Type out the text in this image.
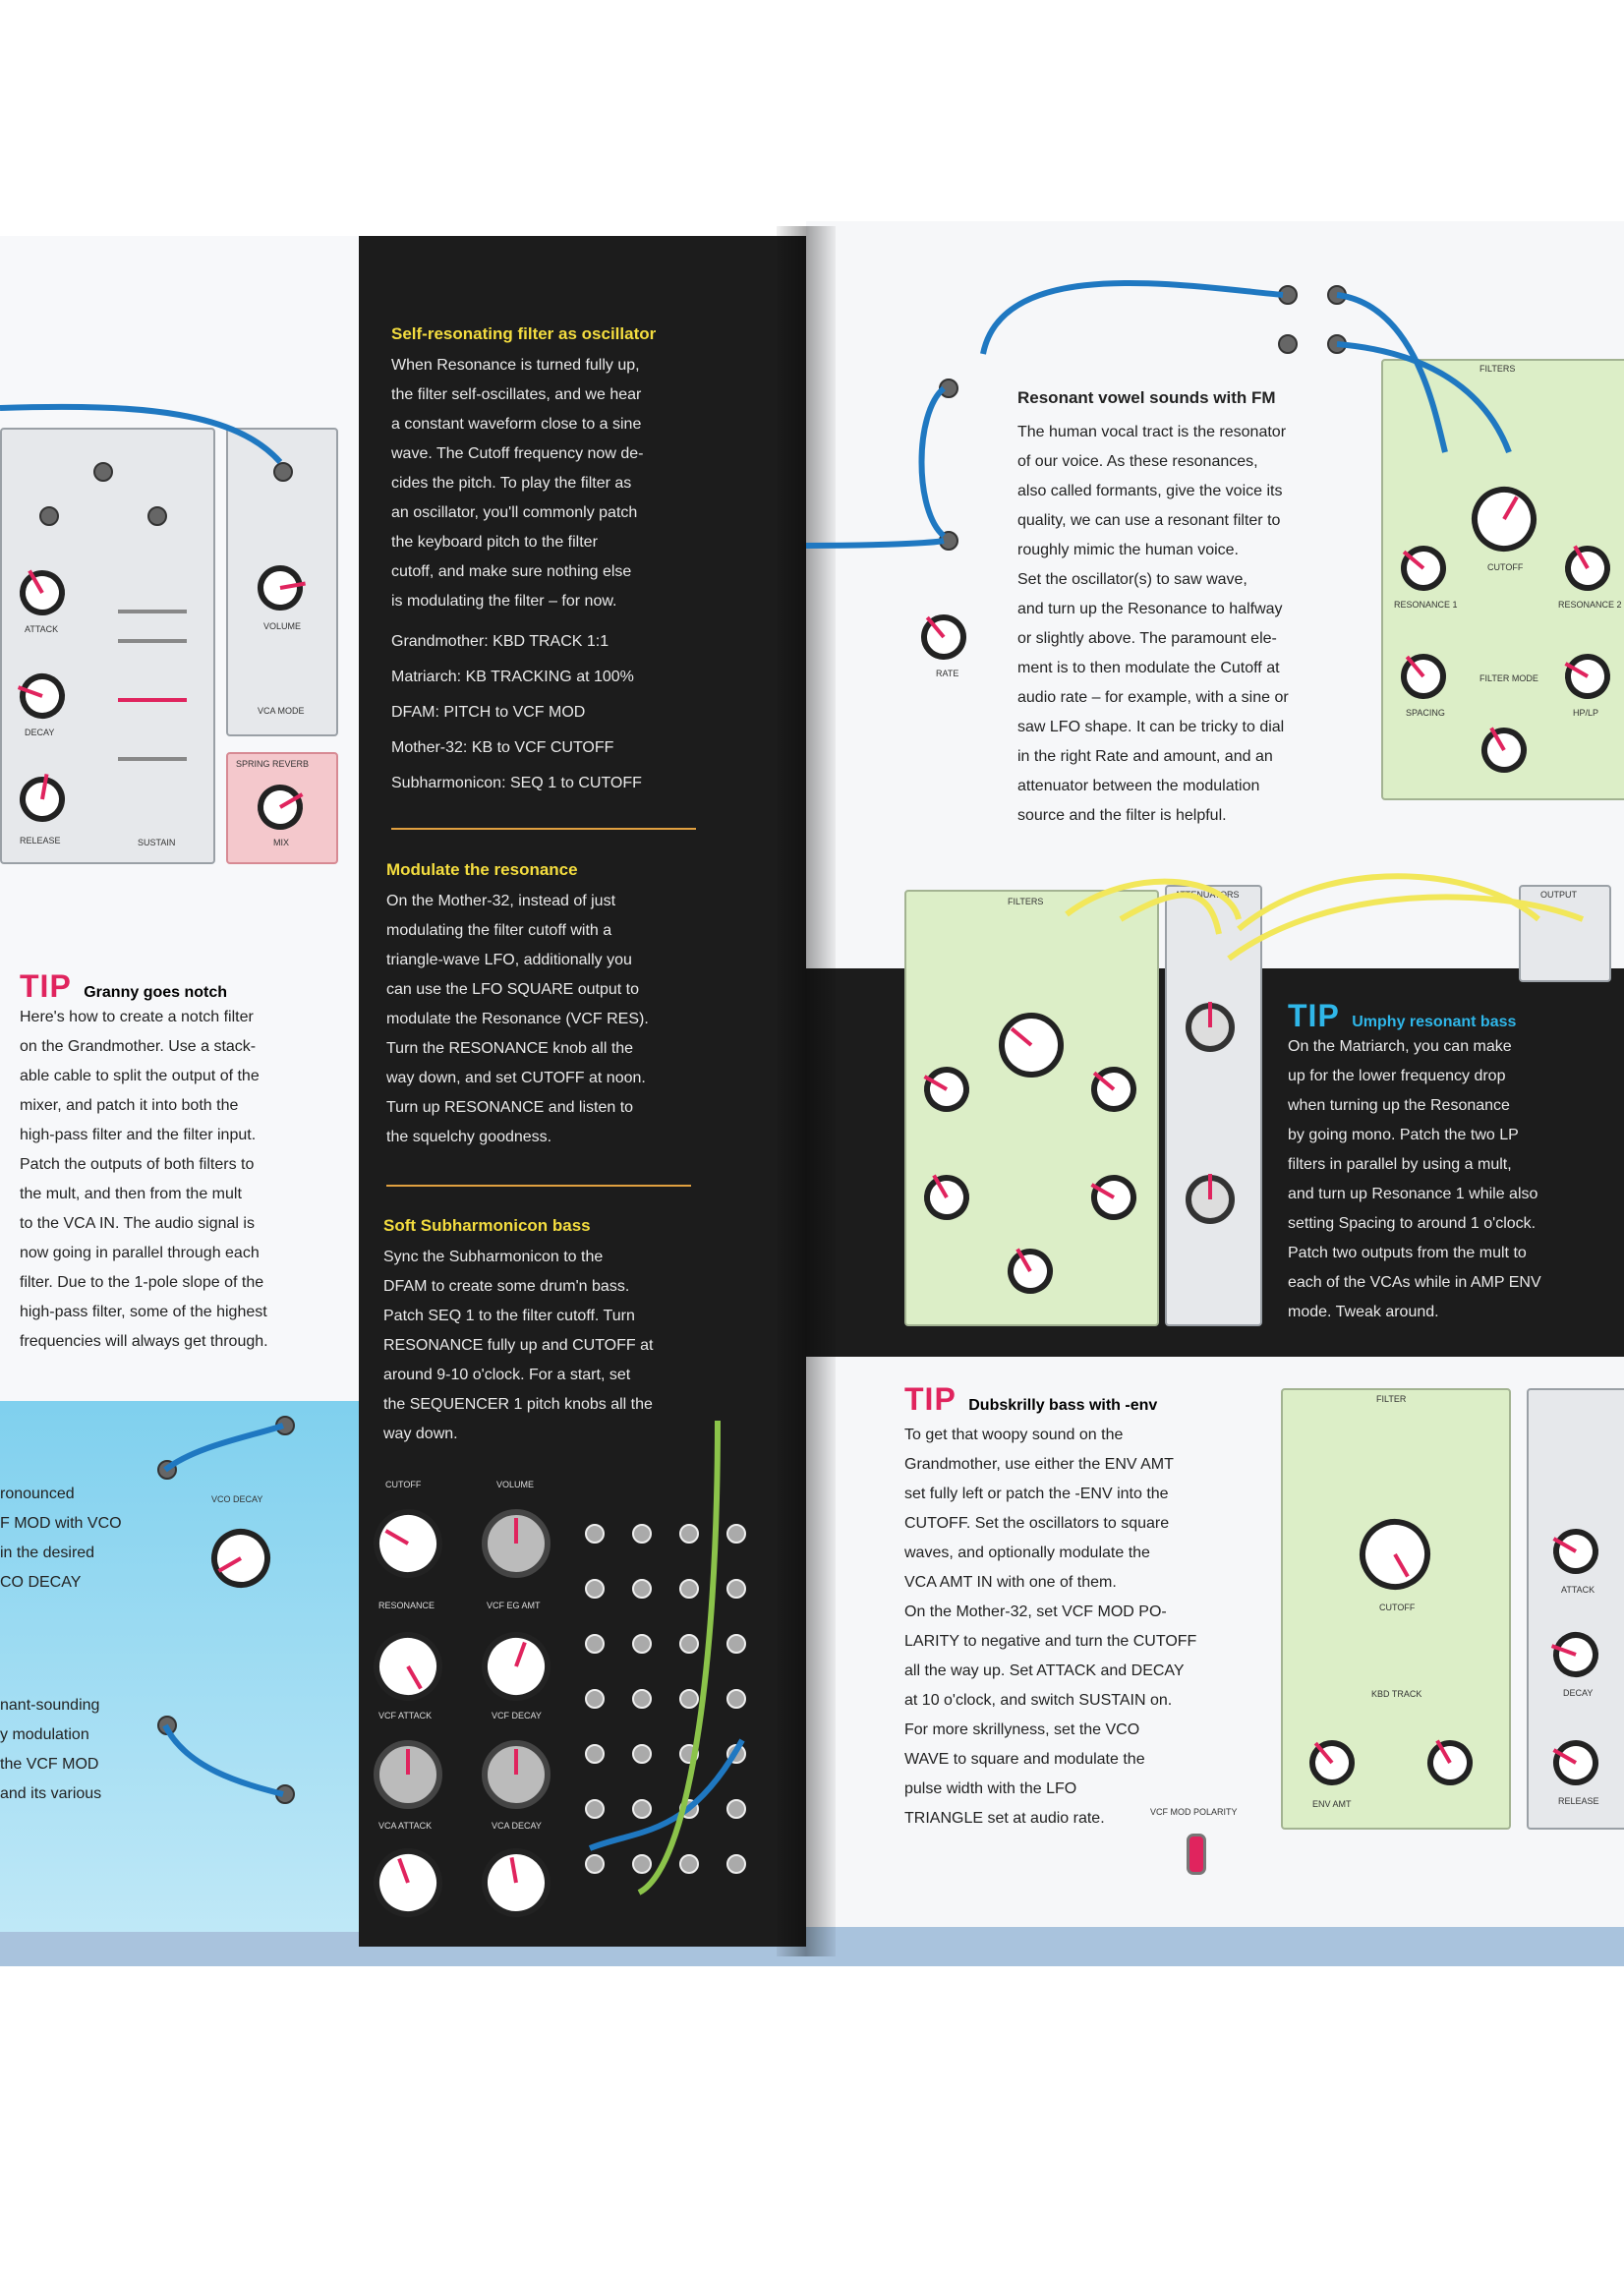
ATTACK
DECAY
RELEASE	SUSTAIN
VOLUME
VCA MODE
SPRING REVERB
MIX
TIP Granny goes notch
Here's how to create a notch filter
on the Grandmother. Use a stack-
able cable to split the output of the
mixer, and patch it into both the
high-pass filter and the filter input.
Patch the outputs of both filters to
the mult, and then from the mult
to the VCA IN. The audio signal is
now going in parallel through each
filter. Due to the 1-pole slope of the
high-pass filter, some of the highest
frequencies will always get through.
ronounced
F MOD with VCO
in the desired
CO DECAY
nant-sounding
y modulation
the VCF MOD
and its various
VCO DECAY
Self-resonating filter as oscillator
When Resonance is turned fully up,
the filter self-oscillates, and we hear
a constant waveform close to a sine
wave. The Cutoff frequency now de-
cides the pitch. To play the filter as
an oscillator, you'll commonly patch
the keyboard pitch to the filter
cutoff, and make sure nothing else
is modulating the filter – for now.
Grandmother: KBD TRACK 1:1
Matriarch: KB TRACKING at 100%
DFAM: PITCH to VCF MOD
Mother-32: KB to VCF CUTOFF
Subharmonicon: SEQ 1 to CUTOFF
Modulate the resonance
On the Mother-32, instead of just
modulating the filter cutoff with a
triangle-wave LFO, additionally you
can use the LFO SQUARE output to
modulate the Resonance (VCF RES).
Turn the RESONANCE knob all the
way down, and set CUTOFF at noon.
Turn up RESONANCE and listen to
the squelchy goodness.
Soft Subharmonicon bass
Sync the Subharmonicon to the
DFAM to create some drum'n bass.
Patch SEQ 1 to the filter cutoff. Turn
RESONANCE fully up and CUTOFF at
around 9-10 o'clock. For a start, set
the SEQUENCER 1 pitch knobs all the
way down.
CUTOFF	VOLUME
RESONANCE	VCF EG AMT
VCF ATTACK	VCF DECAY
VCA ATTACK	VCA DECAY
Resonant vowel sounds with FM
The human vocal tract is the resonator
of our voice. As these resonances,
also called formants, give the voice its
quality, we can use a resonant filter to
roughly mimic the human voice.
Set the oscillator(s) to saw wave,
and turn up the Resonance to halfway
or slightly above. The paramount ele-
ment is to then modulate the Cutoff at
audio rate – for example, with a sine or
saw LFO shape. It can be tricky to dial
in the right Rate and amount, and an
attenuator between the modulation
source and the filter is helpful.
FILTERS
CUTOFF
RESONANCE 1	RESONANCE 2
FILTER MODE
SPACING	HP/LP
RATE
FILTERS
ATTENUATORS	OUTPUT
TIP Umphy resonant bass
On the Matriarch, you can make
up for the lower frequency drop
when turning up the Resonance
by going mono. Patch the two LP
filters in parallel by using a mult,
and turn up Resonance 1 while also
setting Spacing to around 1 o'clock.
Patch two outputs from the mult to
each of the VCAs while in AMP ENV
mode. Tweak around.
TIP Dubskrilly bass with -env
To get that woopy sound on the
Grandmother, use either the ENV AMT
set fully left or patch the -ENV into the
CUTOFF. Set the oscillators to square
waves, and optionally modulate the
VCA AMT IN with one of them.
On the Mother-32, set VCF MOD PO-
LARITY to negative and turn the CUTOFF
all the way up. Set ATTACK and DECAY
at 10 o'clock, and switch SUSTAIN on.
For more skrillyness, set the VCO
WAVE to square and modulate the
pulse width with the LFO
TRIANGLE set at audio rate.
FILTER
CUTOFF
KBD TRACK
ENV AMT
ATTACK
DECAY
RELEASE
VCF MOD POLARITY
